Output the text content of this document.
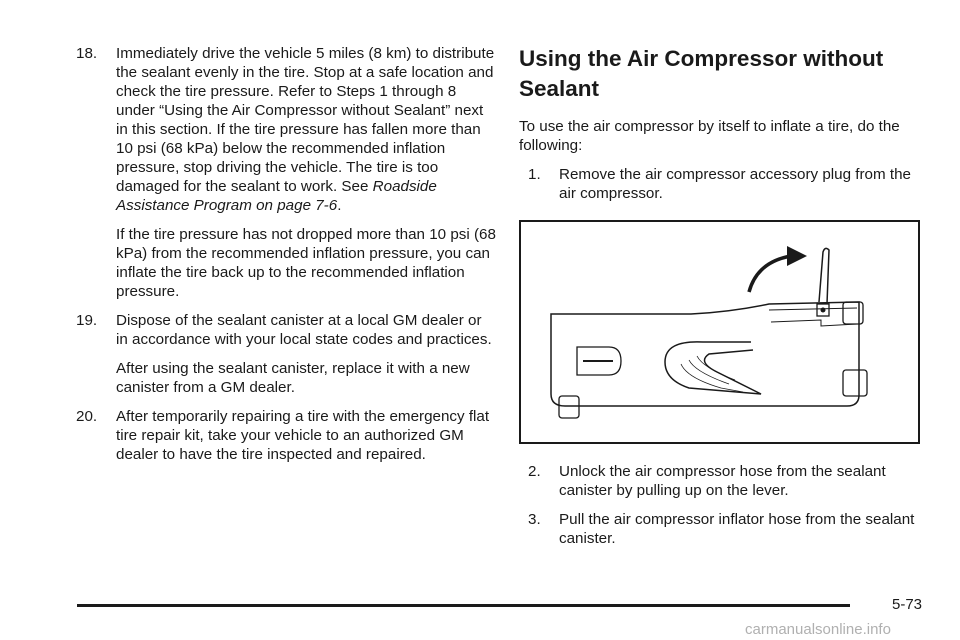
18. Immediately drive the vehicle 5 miles (8 km) to distribute the sealant evenly in the tire. Stop at a safe location and check the tire pressure. Refer to Steps 1 through 8 under “Using the Air Compressor without Sealant” next in this section. If the tire pressure has fallen more than 10 psi (68 kPa) below the recommended inflation pressure, stop driving the vehicle. The tire is too damaged for the sealant to work. See Roadside Assistance Program on page 7-6.

If the tire pressure has not dropped more than 10 psi (68 kPa) from the recommended inflation pressure, you can inflate the tire back up to the recommended inflation pressure.

19. Dispose of the sealant canister at a local GM dealer or in accordance with your local state codes and practices.

After using the sealant canister, replace it with a new canister from a GM dealer.

20. After temporarily repairing a tire with the emergency flat tire repair kit, take your vehicle to an authorized GM dealer to have the tire inspected and repaired.

Using the Air Compressor without Sealant

To use the air compressor by itself to inflate a tire, do the following:

1. Remove the air compressor accessory plug from the air compressor.
2. Unlock the air compressor hose from the sealant canister by pulling up on the lever.
3. Pull the air compressor inflator hose from the sealant canister.
5-73
carmanualsonline.info
